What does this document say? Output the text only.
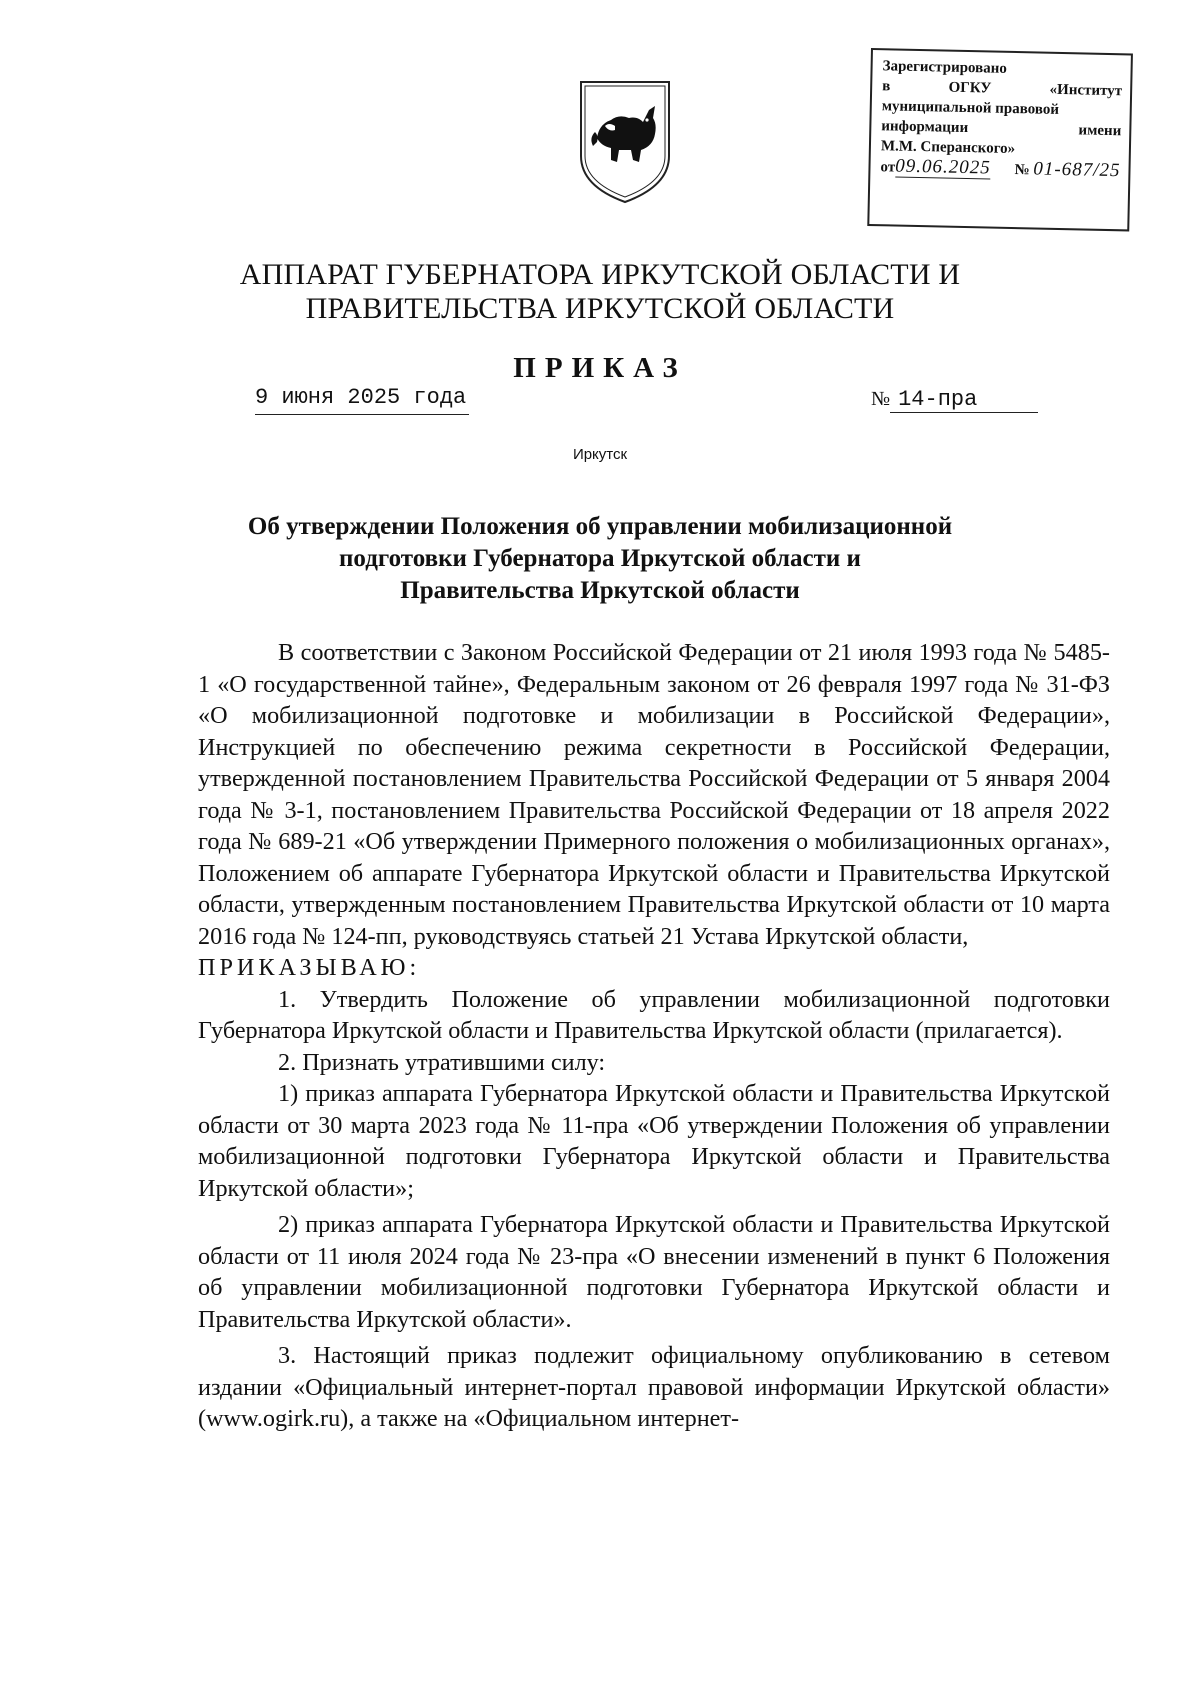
Зарегистрировано
в	ОГКУ	«Институт
муниципальной правовой
информации	имени
М.М. Сперанского»
от09.06.2025 № 01-687/25
АППАРАТ ГУБЕРНАТОРА ИРКУТСКОЙ ОБЛАСТИ И
ПРАВИТЕЛЬСТВА ИРКУТСКОЙ ОБЛАСТИ
ПРИКАЗ
9 июня 2025 года	№ 14-пра
Иркутск
Об утверждении Положения об управлении мобилизационной
подготовки Губернатора Иркутской области и
Правительства Иркутской области

В соответствии с Законом Российской Федерации от 21 июля 1993 года № 5485-1 «О государственной тайне», Федеральным законом от 26 февраля 1997 года № 31-ФЗ «О мобилизационной подготовке и мобилизации в Российской Федерации», Инструкцией по обеспечению режима секретности в Российской Федерации, утвержденной постановлением Правительства Российской Федерации от 5 января 2004 года № 3-1, постановлением Правительства Российской Федерации от 18 апреля 2022 года № 689-21 «Об утверждении Примерного положения о мобилизационных органах», Положением об аппарате Губернатора Иркутской области и Правительства Иркутской области, утвержденным постановлением Правительства Иркутской области от 10 марта 2016 года № 124-пп, руководствуясь статьей 21 Устава Иркутской области,

ПРИКАЗЫВАЮ:

1. Утвердить Положение об управлении мобилизационной подготовки Губернатора Иркутской области и Правительства Иркутской области (прилагается).

2. Признать утратившими силу:

1) приказ аппарата Губернатора Иркутской области и Правительства Иркутской области от 30 марта 2023 года № 11-пра «Об утверждении Положения об управлении мобилизационной подготовки Губернатора Иркутской области и Правительства Иркутской области»;

2) приказ аппарата Губернатора Иркутской области и Правительства Иркутской области от 11 июля 2024 года № 23-пра «О внесении изменений в пункт 6 Положения об управлении мобилизационной подготовки Губернатора Иркутской области и Правительства Иркутской области».

3. Настоящий приказ подлежит официальному опубликованию в сетевом издании «Официальный интернет-портал правовой информации Иркутской области» (www.ogirk.ru), а также на «Официальном интернет-
